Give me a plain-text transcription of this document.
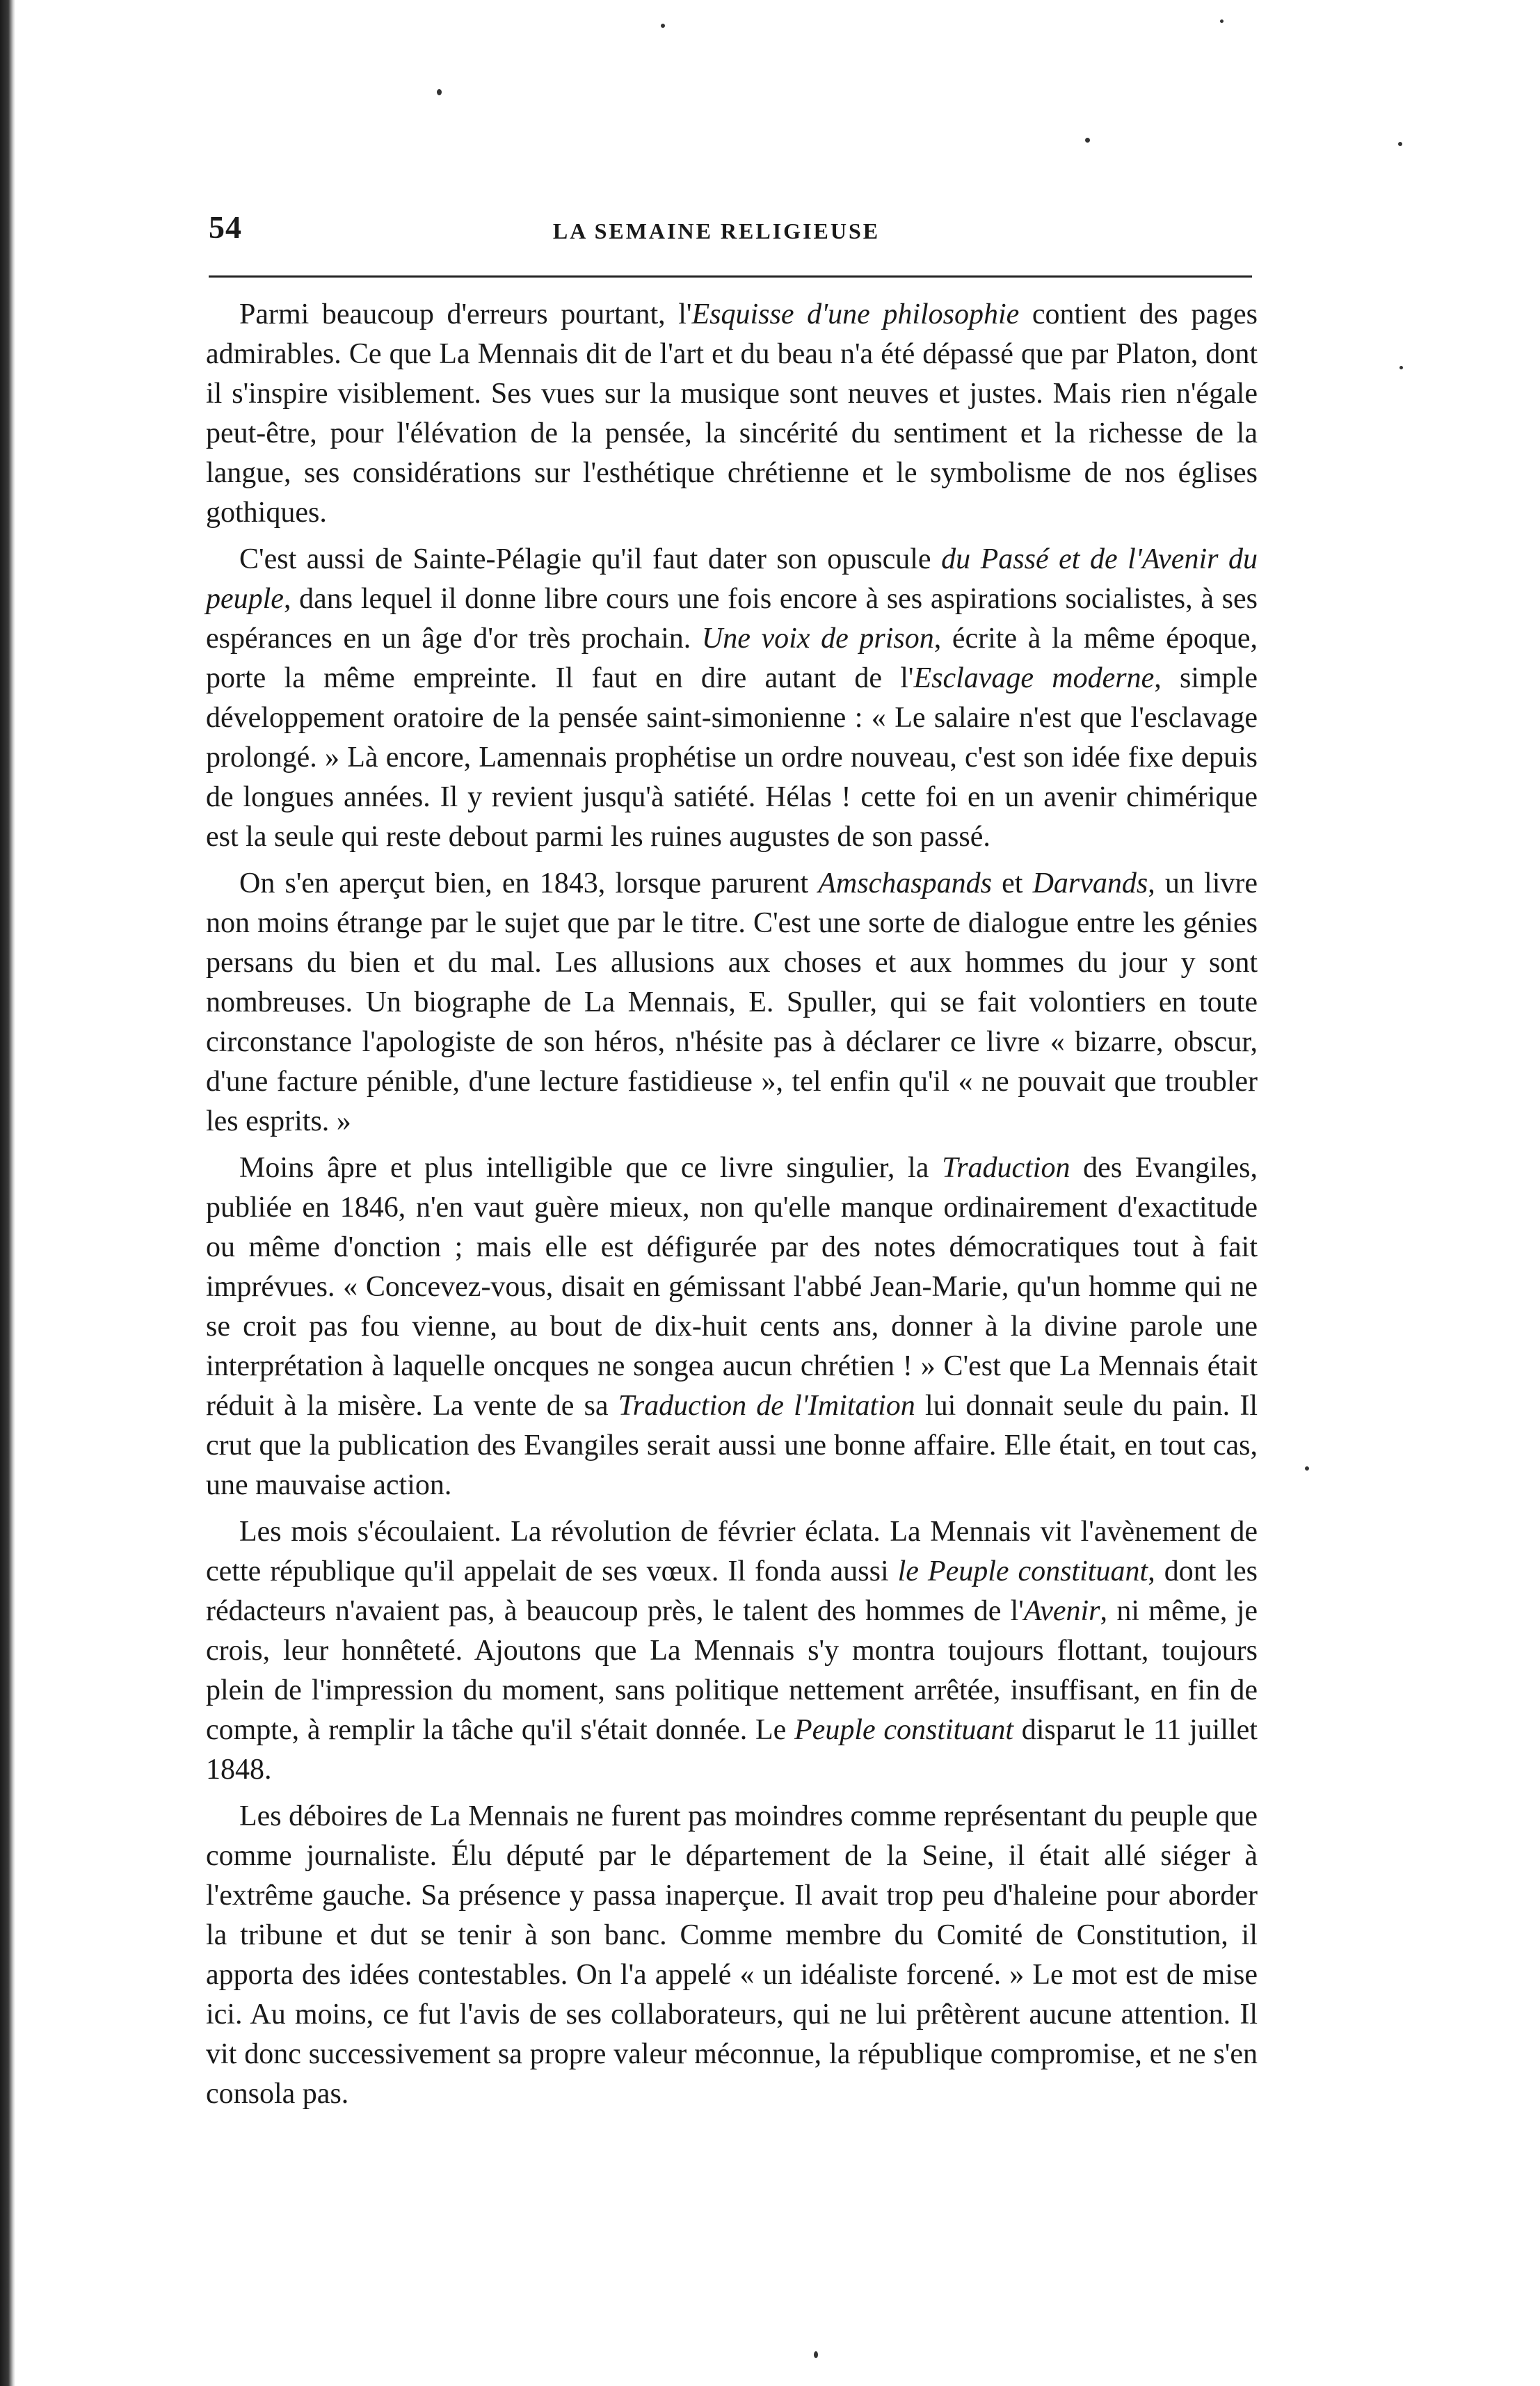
54	LA SEMAINE RELIGIEUSE

Parmi beaucoup d'erreurs pourtant, l'Esquisse d'une philosophie contient des pages admirables. Ce que La Mennais dit de l'art et du beau n'a été dépassé que par Platon, dont il s'inspire visiblement. Ses vues sur la musique sont neuves et justes. Mais rien n'égale peut-être, pour l'élévation de la pensée, la sincérité du sentiment et la richesse de la langue, ses considérations sur l'esthétique chrétienne et le symbolisme de nos églises gothiques.

C'est aussi de Sainte-Pélagie qu'il faut dater son opuscule du Passé et de l'Avenir du peuple, dans lequel il donne libre cours une fois encore à ses aspirations socialistes, à ses espérances en un âge d'or très prochain. Une voix de prison, écrite à la même époque, porte la même empreinte. Il faut en dire autant de l'Esclavage moderne, simple développement oratoire de la pensée saint-simonienne : « Le salaire n'est que l'esclavage prolongé. » Là encore, Lamennais prophétise un ordre nouveau, c'est son idée fixe depuis de longues années. Il y revient jusqu'à satiété. Hélas ! cette foi en un avenir chimérique est la seule qui reste debout parmi les ruines augustes de son passé.

On s'en aperçut bien, en 1843, lorsque parurent Amschaspands et Darvands, un livre non moins étrange par le sujet que par le titre. C'est une sorte de dialogue entre les génies persans du bien et du mal. Les allusions aux choses et aux hommes du jour y sont nombreuses. Un biographe de La Mennais, E. Spuller, qui se fait volontiers en toute circonstance l'apologiste de son héros, n'hésite pas à déclarer ce livre « bizarre, obscur, d'une facture pénible, d'une lecture fastidieuse », tel enfin qu'il « ne pouvait que troubler les esprits. »

Moins âpre et plus intelligible que ce livre singulier, la Traduction des Evangiles, publiée en 1846, n'en vaut guère mieux, non qu'elle manque ordinairement d'exactitude ou même d'onction ; mais elle est défigurée par des notes démocratiques tout à fait imprévues. « Concevez-vous, disait en gémissant l'abbé Jean-Marie, qu'un homme qui ne se croit pas fou vienne, au bout de dix-huit cents ans, donner à la divine parole une interprétation à laquelle oncques ne songea aucun chrétien ! » C'est que La Mennais était réduit à la misère. La vente de sa Traduction de l'Imitation lui donnait seule du pain. Il crut que la publication des Evangiles serait aussi une bonne affaire. Elle était, en tout cas, une mauvaise action.

Les mois s'écoulaient. La révolution de février éclata. La Mennais vit l'avènement de cette république qu'il appelait de ses vœux. Il fonda aussi le Peuple constituant, dont les rédacteurs n'avaient pas, à beaucoup près, le talent des hommes de l'Avenir, ni même, je crois, leur honnêteté. Ajoutons que La Mennais s'y montra toujours flottant, toujours plein de l'impression du moment, sans politique nettement arrêtée, insuffisant, en fin de compte, à remplir la tâche qu'il s'était donnée. Le Peuple constituant disparut le 11 juillet 1848.

Les déboires de La Mennais ne furent pas moindres comme représentant du peuple que comme journaliste. Élu député par le département de la Seine, il était allé siéger à l'extrême gauche. Sa présence y passa inaperçue. Il avait trop peu d'haleine pour aborder la tribune et dut se tenir à son banc. Comme membre du Comité de Constitution, il apporta des idées contestables. On l'a appelé « un idéaliste forcené. » Le mot est de mise ici. Au moins, ce fut l'avis de ses collaborateurs, qui ne lui prêtèrent aucune attention. Il vit donc successivement sa propre valeur méconnue, la république compromise, et ne s'en consola pas.
